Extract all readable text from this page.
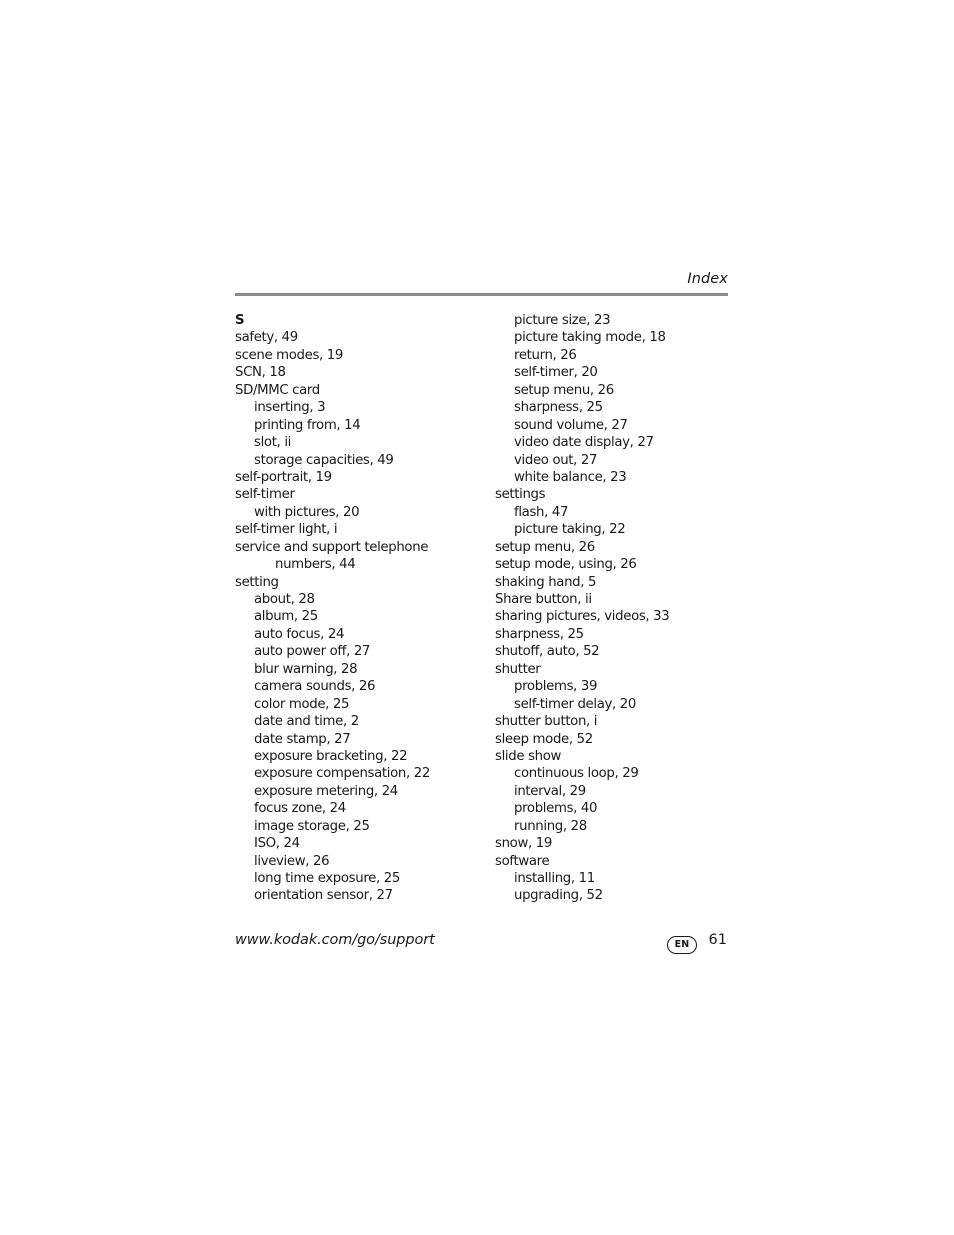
Index
S
safety, 49
scene modes, 19
SCN, 18
SD/MMC card
inserting, 3
printing from, 14
slot, ii
storage capacities, 49
self-portrait, 19
self-timer
with pictures, 20
self-timer light, i
service and support telephone
numbers, 44
setting
about, 28
album, 25
auto focus, 24
auto power off, 27
blur warning, 28
camera sounds, 26
color mode, 25
date and time, 2
date stamp, 27
exposure bracketing, 22
exposure compensation, 22
exposure metering, 24
focus zone, 24
image storage, 25
ISO, 24
liveview, 26
long time exposure, 25
orientation sensor, 27
picture size, 23
picture taking mode, 18
return, 26
self-timer, 20
setup menu, 26
sharpness, 25
sound volume, 27
video date display, 27
video out, 27
white balance, 23
settings
flash, 47
picture taking, 22
setup menu, 26
setup mode, using, 26
shaking hand, 5
Share button, ii
sharing pictures, videos, 33
sharpness, 25
shutoff, auto, 52
shutter
problems, 39
self-timer delay, 20
shutter button, i
sleep mode, 52
slide show
continuous loop, 29
interval, 29
problems, 40
running, 28
snow, 19
software
installing, 11
upgrading, 52
www.kodak.com/go/support	EN	61
